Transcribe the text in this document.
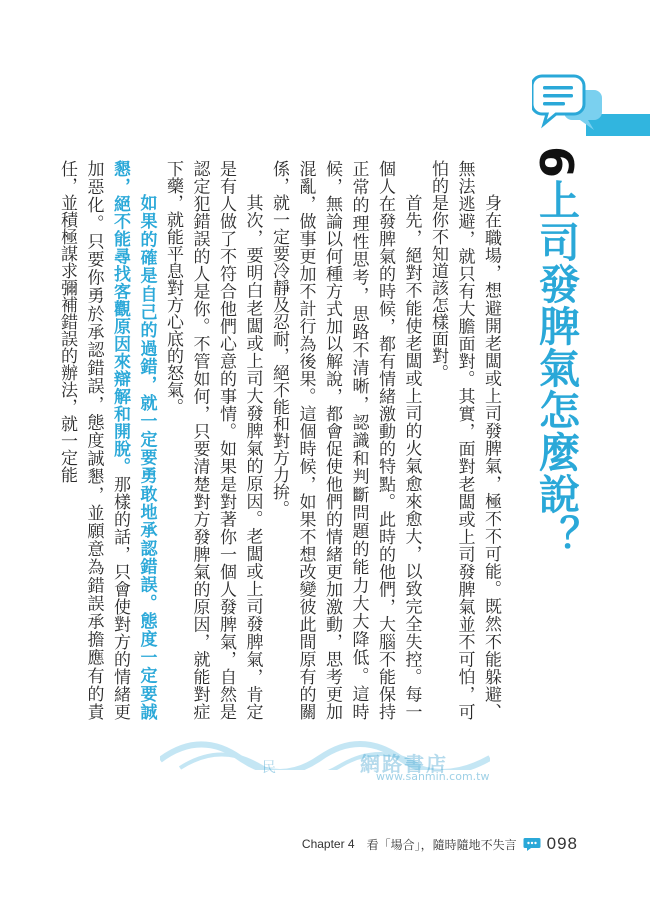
6上司發脾氣怎麼說？

身在職場，想避開老闆或上司發脾氣，極不不可能。既然不能躲避、無法逃避，就只有大膽面對。其實，面對老闆或上司發脾氣並不可怕，可怕的是你不知道該怎樣面對。

首先，絕對不能使老闆或上司的火氣愈來愈大，以致完全失控。每一個人在發脾氣的時候，都有情緒激動的特點。此時的他們，大腦不能保持正常的理性思考，思路不清晰，認識和判斷問題的能力大大降低。這時候，無論以何種方式加以解說，都會促使他們的情緒更加激動，思考更加混亂，做事更加不計行為後果。這個時候，如果不想改變彼此間原有的關係，就一定要冷靜及忍耐，絕不能和對方力拚。

其次，要明白老闆或上司大發脾氣的原因。老闆或上司發脾氣，肯定是有人做了不符合他們心意的事情。如果是對著你一個人發脾氣，自然是認定犯錯誤的人是你。不管如何，只要清楚對方發脾氣的原因，就能對症下藥，就能平息對方心底的怒氣。

如果的確是自己的過錯，就一定要勇敢地承認錯誤。態度一定要誠懇，絕不能尋找客觀原因來辯解和開脫。那樣的話，只會使對方的情緒更加惡化。只要你勇於承認錯誤，態度誠懇，並願意為錯誤承擔應有的責任，並積極謀求彌補錯誤的辦法，就一定能

民	網路書店
www.sanmin.com.tw
Chapter 4 看「場合」，隨時隨地不失言 098
